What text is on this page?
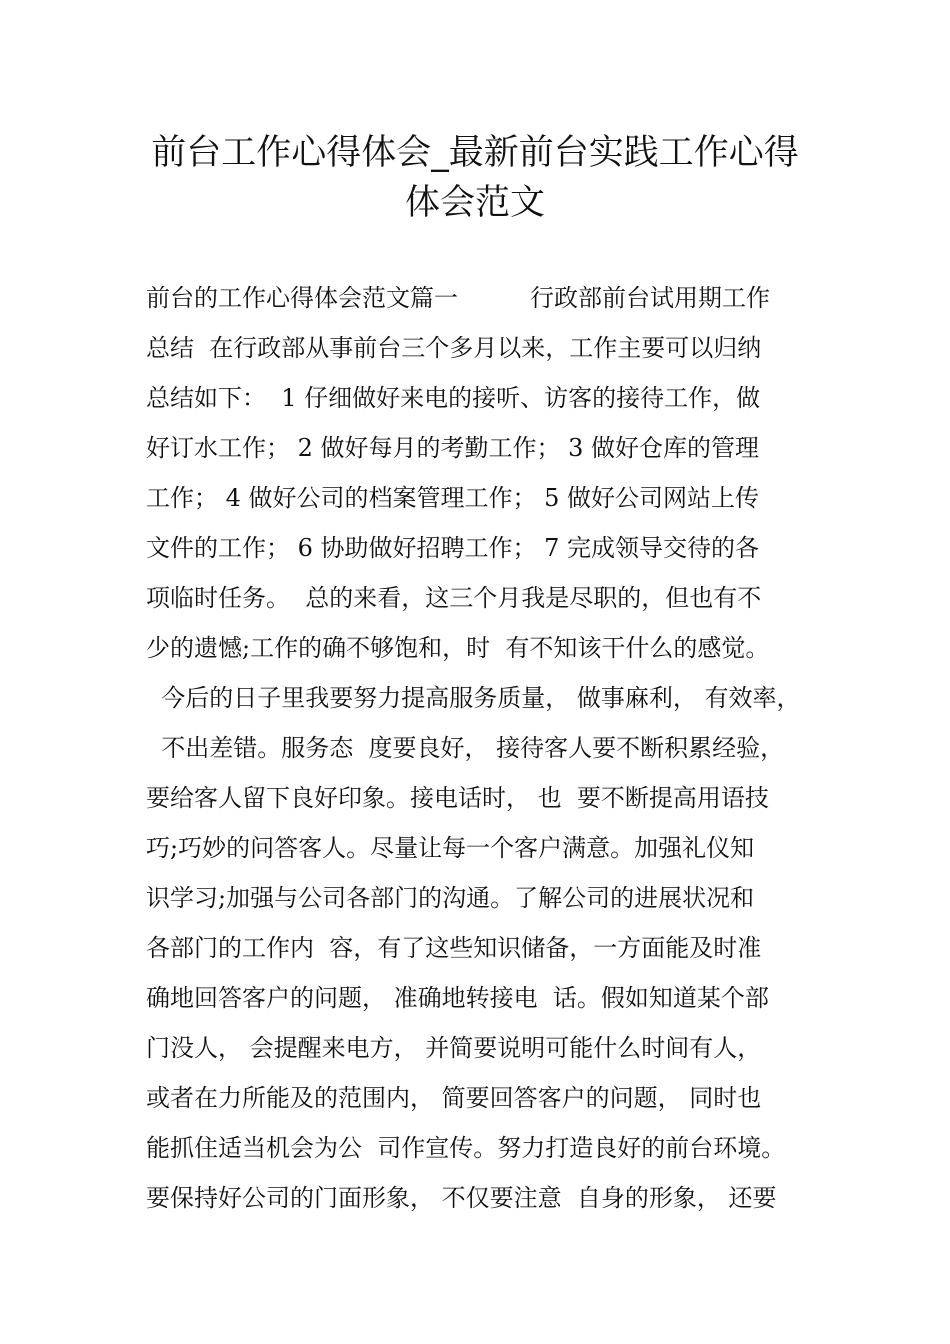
前台工作心得体会_最新前台实践工作心得
体会范文
前台的工作心得体会范文篇一　　　行政部前台试用期工作
总结  在行政部从事前台三个多月以来，工作主要可以归纳
总结如下：  1 仔细做好来电的接听、访客的接待工作，做
好订水工作； 2 做好每月的考勤工作； 3 做好仓库的管理
工作； 4 做好公司的档案管理工作； 5 做好公司网站上传
文件的工作； 6 协助做好招聘工作； 7 完成领导交待的各
项临时任务。  总的来看，这三个月我是尽职的，但也有不
少的遗憾;工作的确不够饱和，时  有不知该干什么的感觉。
今后的日子里我要努力提高服务质量， 做事麻利， 有效率，
不出差错。服务态  度要良好， 接待客人要不断积累经验，
要给客人留下良好印象。接电话时， 也  要不断提高用语技
巧;巧妙的问答客人。尽量让每一个客户满意。加强礼仪知
识学习;加强与公司各部门的沟通。了解公司的进展状况和
各部门的工作内  容，有了这些知识储备，一方面能及时准
确地回答客户的问题， 准确地转接电  话。假如知道某个部
门没人， 会提醒来电方， 并简要说明可能什么时间有人，
或者在力所能及的范围内， 简要回答客户的问题， 同时也
能抓住适当机会为公  司作宣传。努力打造良好的前台环境。
要保持好公司的门面形象， 不仅要注意  自身的形象， 还要
